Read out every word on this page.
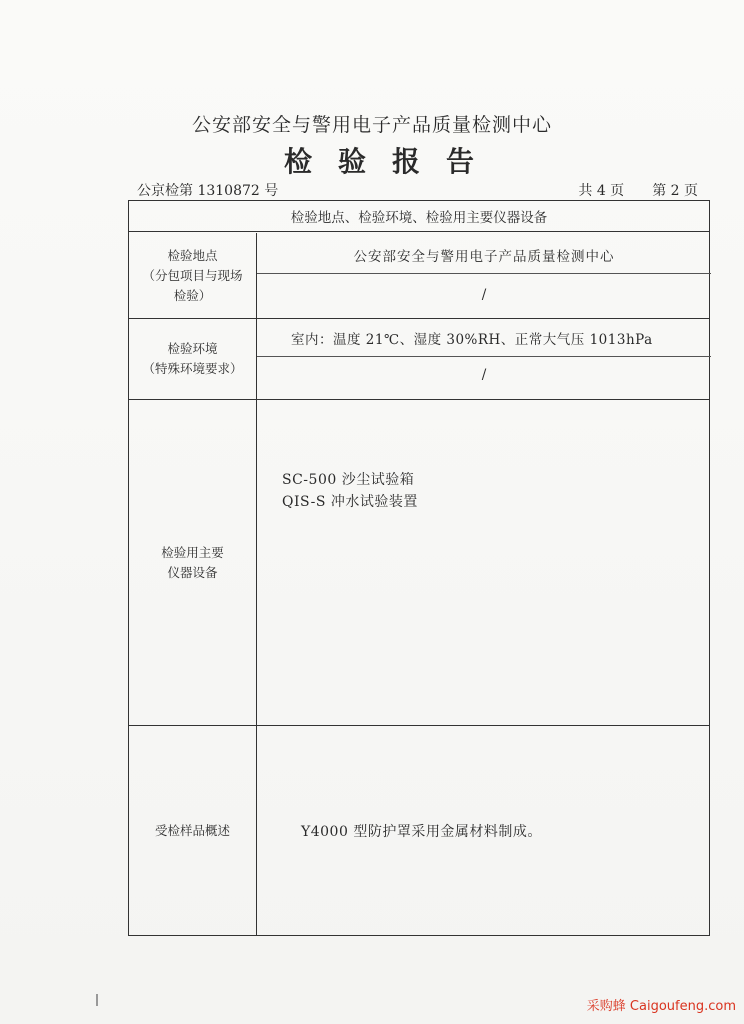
公安部安全与警用电子产品质量检测中心
检验报告
公京检第 1310872 号	共 4 页 第 2 页
检验地点、检验环境、检验用主要仪器设备
检验地点
（分包项目与现场
检验）
公安部安全与警用电子产品质量检测中心
/
检验环境
（特殊环境要求）
室内：温度 21℃、湿度 30%RH、正常大气压 1013hPa
/
检验用主要
仪器设备
SC-500 沙尘试验箱
QIS-S 冲水试验装置
受检样品概述	Y4000 型防护罩采用金属材料制成。
采购蜂 Caigoufeng.com
